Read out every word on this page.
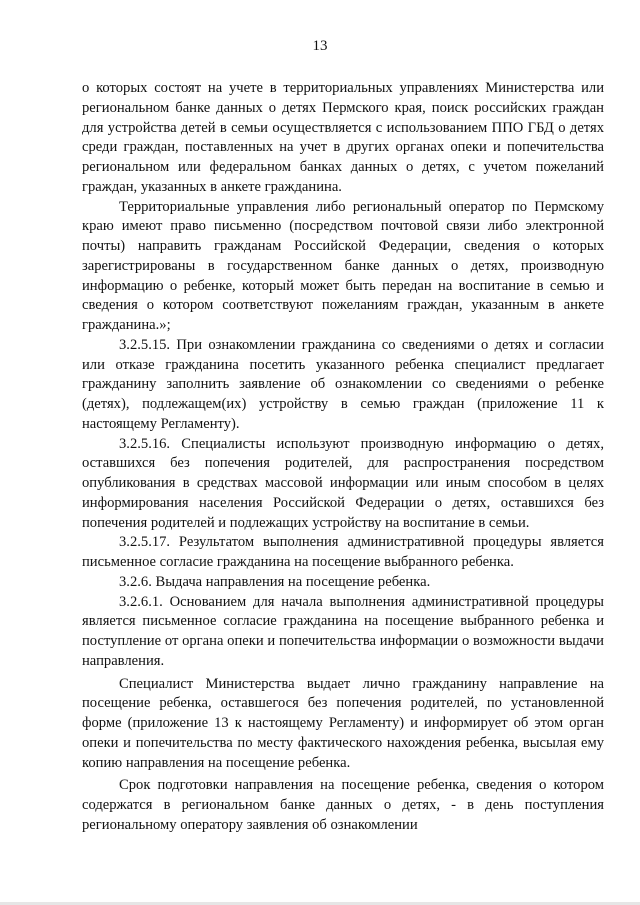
13

о которых состоят на учете в территориальных управлениях Министерства или региональном банке данных о детях Пермского края, поиск российских граждан для устройства детей в семьи осуществляется с использованием ППО ГБД о детях среди граждан, поставленных на учет в других органах опеки и попечительства региональном или федеральном банках данных о детях, с учетом пожеланий граждан, указанных в анкете гражданина.

Территориальные управления либо региональный оператор по Пермскому краю имеют право письменно (посредством почтовой связи либо электронной почты) направить гражданам Российской Федерации, сведения о которых зарегистрированы в государственном банке данных о детях, производную информацию о ребенке, который может быть передан на воспитание в семью и сведения о котором соответствуют пожеланиям граждан, указанным в анкете гражданина.»;

3.2.5.15. При ознакомлении гражданина со сведениями о детях и согласии или отказе гражданина посетить указанного ребенка специалист предлагает гражданину заполнить заявление об ознакомлении со сведениями о ребенке (детях), подлежащем(их) устройству в семью граждан (приложение 11 к настоящему Регламенту).

3.2.5.16. Специалисты используют производную информацию о детях, оставшихся без попечения родителей, для распространения посредством опубликования в средствах массовой информации или иным способом в целях информирования населения Российской Федерации о детях, оставшихся без попечения родителей и подлежащих устройству на воспитание в семьи.

3.2.5.17. Результатом выполнения административной процедуры является письменное согласие гражданина на посещение выбранного ребенка.

3.2.6. Выдача направления на посещение ребенка.

3.2.6.1. Основанием для начала выполнения административной процедуры является письменное согласие гражданина на посещение выбранного ребенка и поступление от органа опеки и попечительства информации о возможности выдачи направления.

Специалист Министерства выдает лично гражданину направление на посещение ребенка, оставшегося без попечения родителей, по установленной форме (приложение 13 к настоящему Регламенту) и информирует об этом орган опеки и попечительства по месту фактического нахождения ребенка, высылая ему копию направления на посещение ребенка.

Срок подготовки направления на посещение ребенка, сведения о котором содержатся в региональном банке данных о детях, - в день поступления региональному оператору заявления об ознакомлении
